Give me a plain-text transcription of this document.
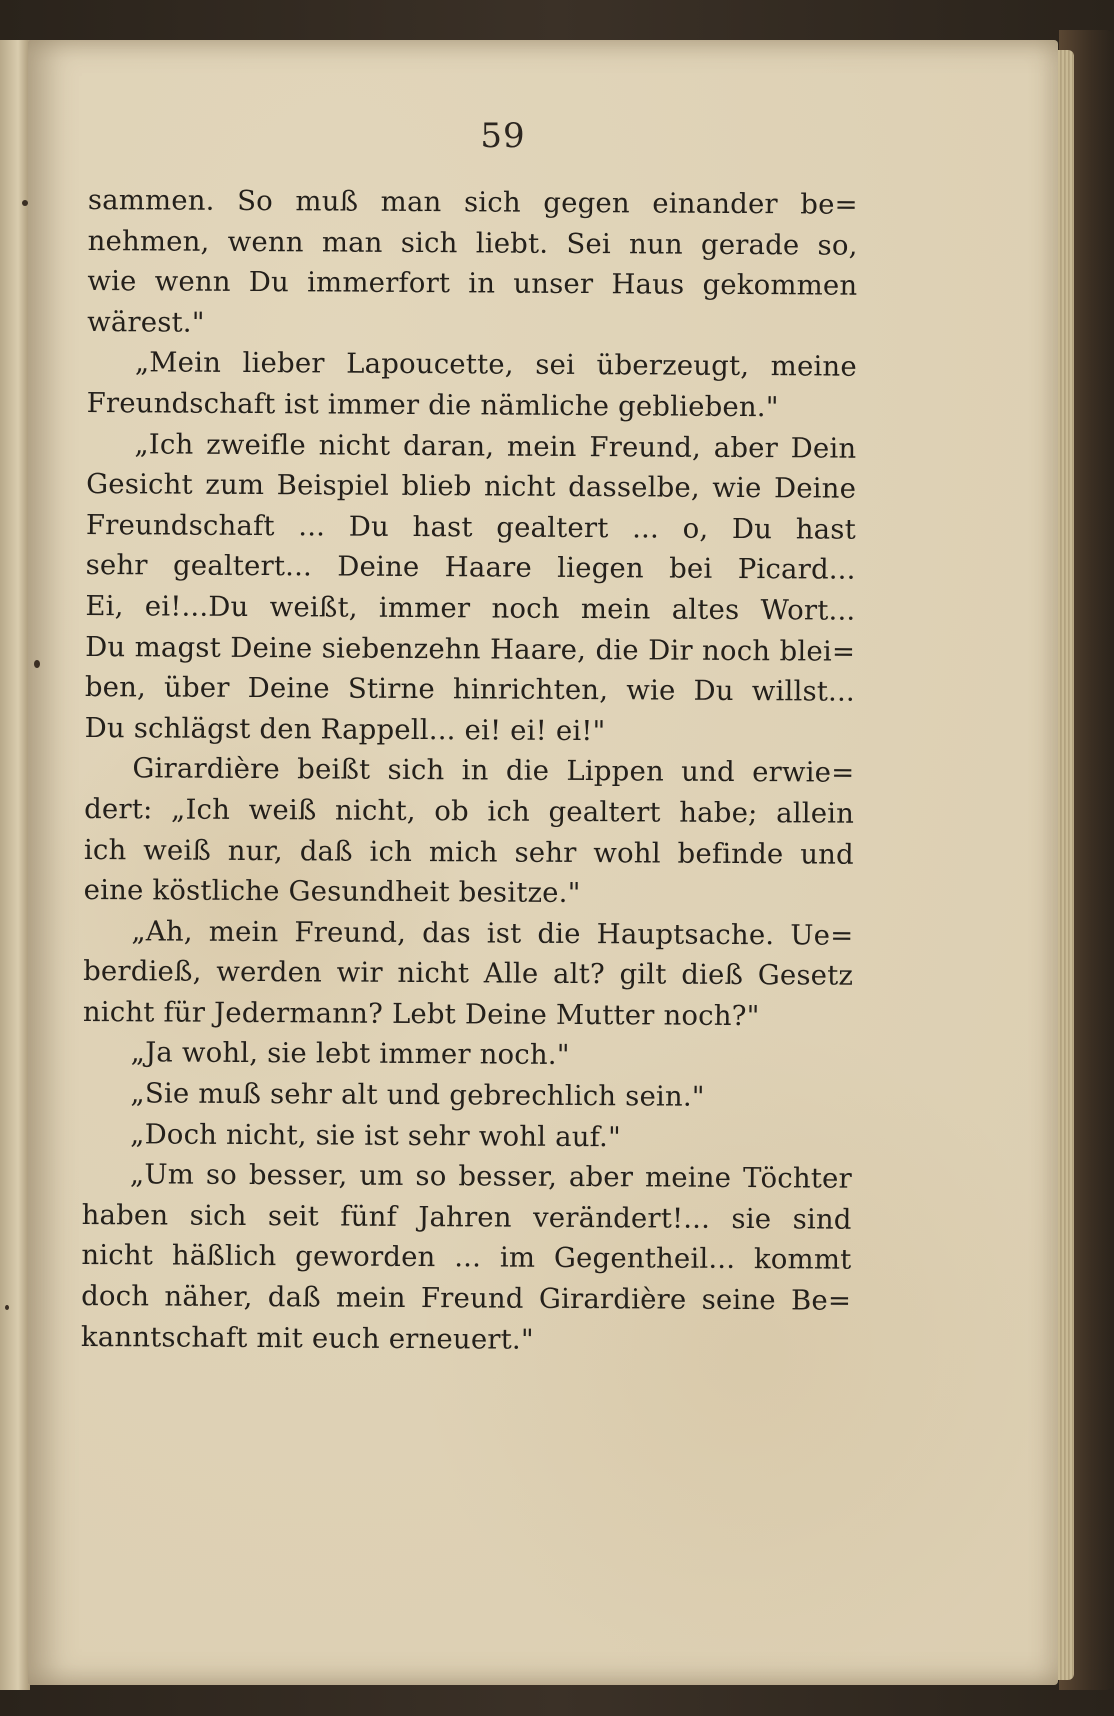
59
sammen. So muß man sich gegen einander be=
nehmen, wenn man sich liebt. Sei nun gerade so,
wie wenn Du immerfort in unser Haus gekommen
wärest."
„Mein lieber Lapoucette, sei überzeugt, meine
Freundschaft ist immer die nämliche geblieben."
„Ich zweifle nicht daran, mein Freund, aber Dein
Gesicht zum Beispiel blieb nicht dasselbe, wie Deine
Freundschaft ... Du hast gealtert ... o, Du hast
sehr gealtert... Deine Haare liegen bei Picard...
Ei, ei!...Du weißt, immer noch mein altes Wort...
Du magst Deine siebenzehn Haare, die Dir noch blei=
ben, über Deine Stirne hinrichten, wie Du willst...
Du schlägst den Rappell... ei! ei! ei!"
Girardière beißt sich in die Lippen und erwie=
dert: „Ich weiß nicht, ob ich gealtert habe; allein
ich weiß nur, daß ich mich sehr wohl befinde und
eine köstliche Gesundheit besitze."
„Ah, mein Freund, das ist die Hauptsache. Ue=
berdieß, werden wir nicht Alle alt? gilt dieß Gesetz
nicht für Jedermann? Lebt Deine Mutter noch?"
„Ja wohl, sie lebt immer noch."
„Sie muß sehr alt und gebrechlich sein."
„Doch nicht, sie ist sehr wohl auf."
„Um so besser, um so besser, aber meine Töchter
haben sich seit fünf Jahren verändert!... sie sind
nicht häßlich geworden ... im Gegentheil... kommt
doch näher, daß mein Freund Girardière seine Be=
kanntschaft mit euch erneuert."
